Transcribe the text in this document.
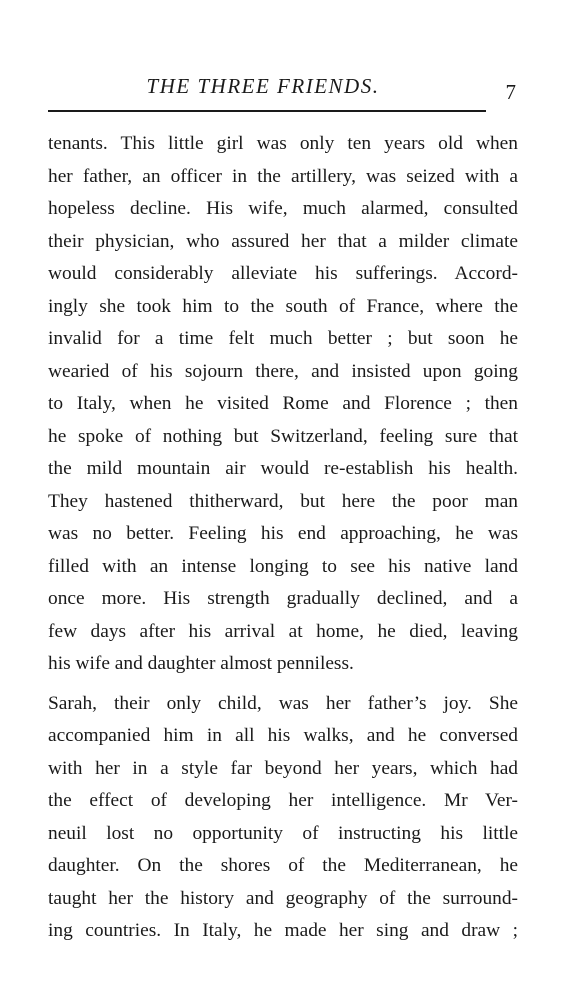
THE THREE FRIENDS.	7

tenants. This little girl was only ten years old when
her father, an officer in the artillery, was seized with a
hopeless decline. His wife, much alarmed, consulted
their physician, who assured her that a milder climate
would considerably alleviate his sufferings. Accord-
ingly she took him to the south of France, where the
invalid for a time felt much better ; but soon he
wearied of his sojourn there, and insisted upon going
to Italy, when he visited Rome and Florence ; then
he spoke of nothing but Switzerland, feeling sure that
the mild mountain air would re-establish his health.
They hastened thitherward, but here the poor man
was no better. Feeling his end approaching, he was
filled with an intense longing to see his native land
once more. His strength gradually declined, and a
few days after his arrival at home, he died, leaving
his wife and daughter almost penniless.

Sarah, their only child, was her father’s joy. She
accompanied him in all his walks, and he conversed
with her in a style far beyond her years, which had
the effect of developing her intelligence. Mr Ver-
neuil lost no opportunity of instructing his little
daughter. On the shores of the Mediterranean, he
taught her the history and geography of the surround-
ing countries. In Italy, he made her sing and draw ;
